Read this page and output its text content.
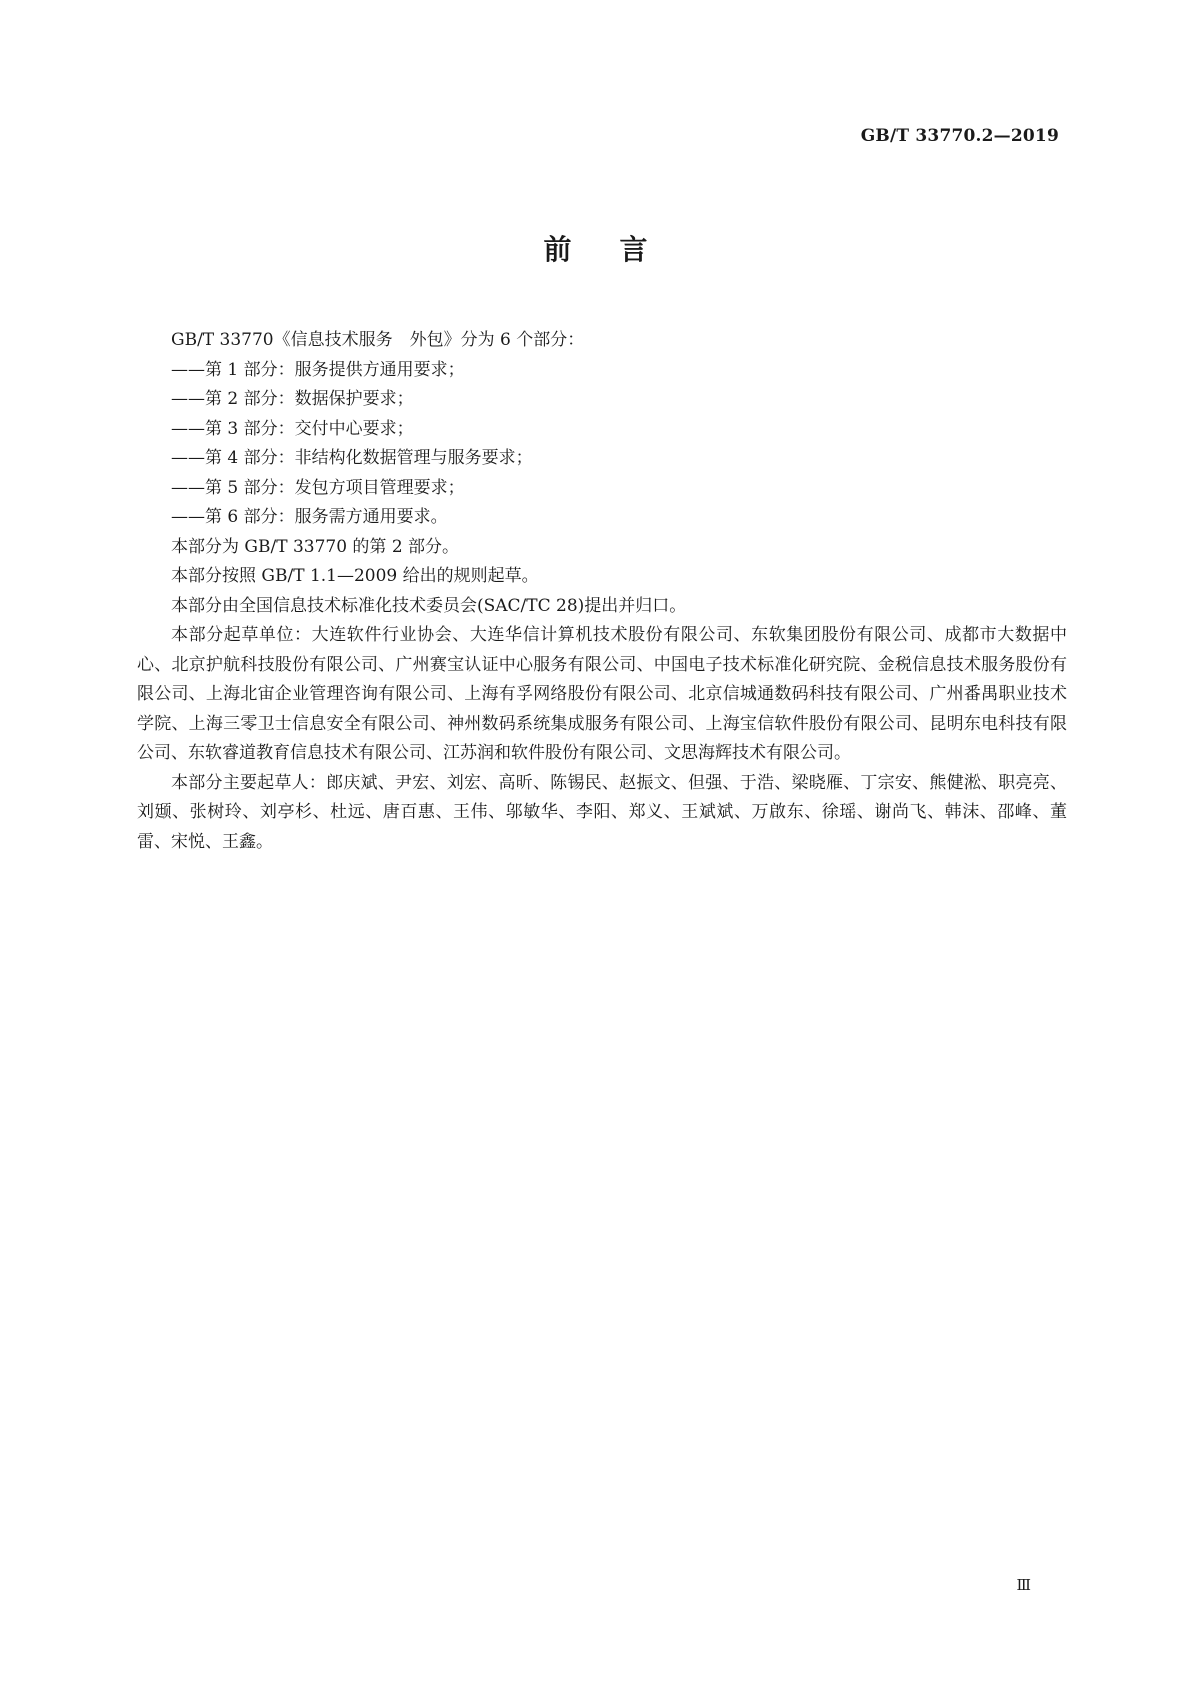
GB/T 33770.2—2019
前言

GB/T 33770《信息技术服务　外包》分为 6 个部分：

——第 1 部分：服务提供方通用要求；

——第 2 部分：数据保护要求；

——第 3 部分：交付中心要求；

——第 4 部分：非结构化数据管理与服务要求；

——第 5 部分：发包方项目管理要求；

——第 6 部分：服务需方通用要求。

本部分为 GB/T 33770 的第 2 部分。

本部分按照 GB/T 1.1—2009 给出的规则起草。

本部分由全国信息技术标准化技术委员会(SAC/TC 28)提出并归口。

本部分起草单位：大连软件行业协会、大连华信计算机技术股份有限公司、东软集团股份有限公司、成都市大数据中心、北京护航科技股份有限公司、广州赛宝认证中心服务有限公司、中国电子技术标准化研究院、金税信息技术服务股份有限公司、上海北宙企业管理咨询有限公司、上海有孚网络股份有限公司、北京信城通数码科技有限公司、广州番禺职业技术学院、上海三零卫士信息安全有限公司、神州数码系统集成服务有限公司、上海宝信软件股份有限公司、昆明东电科技有限公司、东软睿道教育信息技术有限公司、江苏润和软件股份有限公司、文思海辉技术有限公司。

本部分主要起草人：郎庆斌、尹宏、刘宏、高昕、陈锡民、赵振文、但强、于浩、梁晓雁、丁宗安、熊健淞、职亮亮、刘颋、张树玲、刘亭杉、杜远、唐百惠、王伟、邬敏华、李阳、郑义、王斌斌、万啟东、徐瑶、谢尚飞、韩沫、邵峰、董雷、宋悦、王鑫。

Ⅲ
